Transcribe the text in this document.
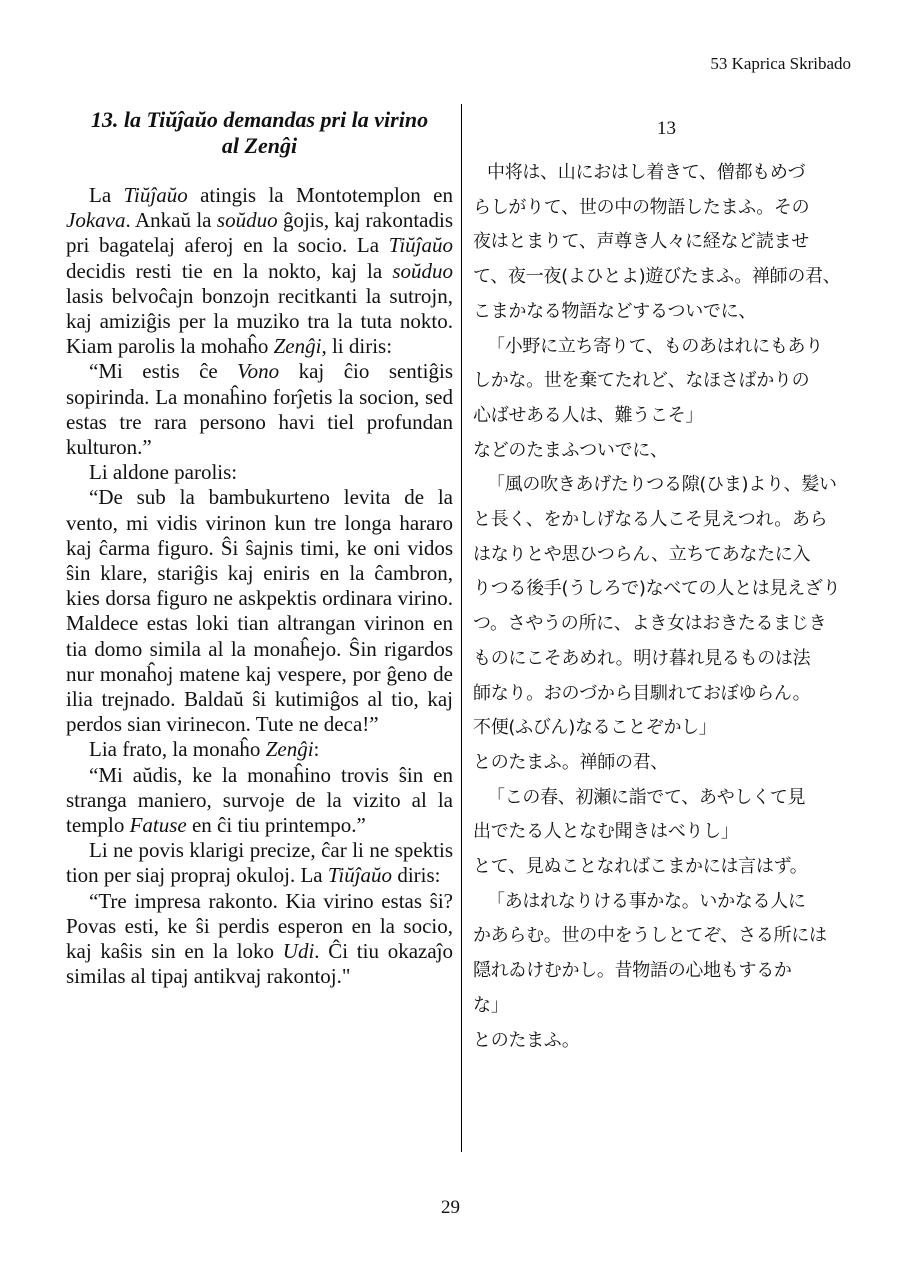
53 Kaprica Skribado
13. la Tiŭĵaŭo demandas pri la virino
al Zenĝi

La Tiŭĵaŭo atingis la Montotemplon en Jokava. Ankaŭ la soŭduo ĝojis, kaj rakontadis pri bagatelaj aferoj en la socio. La Tiŭĵaŭo decidis resti tie en la nokto, kaj la soŭduo lasis belvoĉajn bonzojn recitkanti la sutrojn, kaj amiziĝis per la muziko tra la tuta nokto. Kiam parolis la mohaĥo Zenĝi, li diris:

“Mi estis ĉe Vono kaj ĉio sentiĝis sopirinda. La monaĥino forĵetis la socion, sed estas tre rara persono havi tiel profundan kulturon.”

Li aldone parolis:

“De sub la bambukurteno levita de la vento, mi vidis virinon kun tre longa hararo kaj ĉarma figuro. Ŝi ŝajnis timi, ke oni vidos ŝin klare, stariĝis kaj eniris en la ĉambron, kies dorsa figuro ne askpektis ordinara virino. Maldece estas loki tian altrangan virinon en tia domo simila al la monaĥejo. Ŝin rigardos nur monaĥoj matene kaj vespere, por ĝeno de ilia trejnado. Baldaŭ ŝi kutimiĝos al tio, kaj perdos sian virinecon. Tute ne deca!”

Lia frato, la monaĥo Zenĝi:

“Mi aŭdis, ke la monaĥino trovis ŝin en stranga maniero, survoje de la vizito al la templo Fatuse en ĉi tiu printempo.”

Li ne povis klarigi precize, ĉar li ne spektis tion per siaj propraj okuloj. La Tiŭĵaŭo diris:

“Tre impresa rakonto. Kia virino estas ŝi? Povas esti, ke ŝi perdis esperon en la socio, kaj kaŝis sin en la loko Udi. Ĉi tiu okazaĵo similas al tipaj antikvaj rakontoj."

13
中将は、山におはし着きて、僧都もめづ
らしがりて、世の中の物語したまふ。その
夜はとまりて、声尊き人々に経など読ませ
て、夜一夜(よひとよ)遊びたまふ。禅師の君、
こまかなる物語などするついでに、
「小野に立ち寄りて、ものあはれにもあり
しかな。世を棄てたれど、なほさばかりの
心ばせある人は、難うこそ」
などのたまふついでに、
「風の吹きあげたりつる隙(ひま)より、髪い
と長く、をかしげなる人こそ見えつれ。あら
はなりとや思ひつらん、立ちてあなたに入
りつる後手(うしろで)なべての人とは見えざり
つ。さやうの所に、よき女はおきたるまじき
ものにこそあめれ。明け暮れ見るものは法
師なり。おのづから目馴れておぼゆらん。
不便(ふびん)なることぞかし」
とのたまふ。禅師の君、
「この春、初瀬に詣でて、あやしくて見
出でたる人となむ聞きはべりし」
とて、見ぬことなればこまかには言はず。
「あはれなりける事かな。いかなる人に
かあらむ。世の中をうしとてぞ、さる所には
隠れゐけむかし。昔物語の心地もするか
な」
とのたまふ。
29
